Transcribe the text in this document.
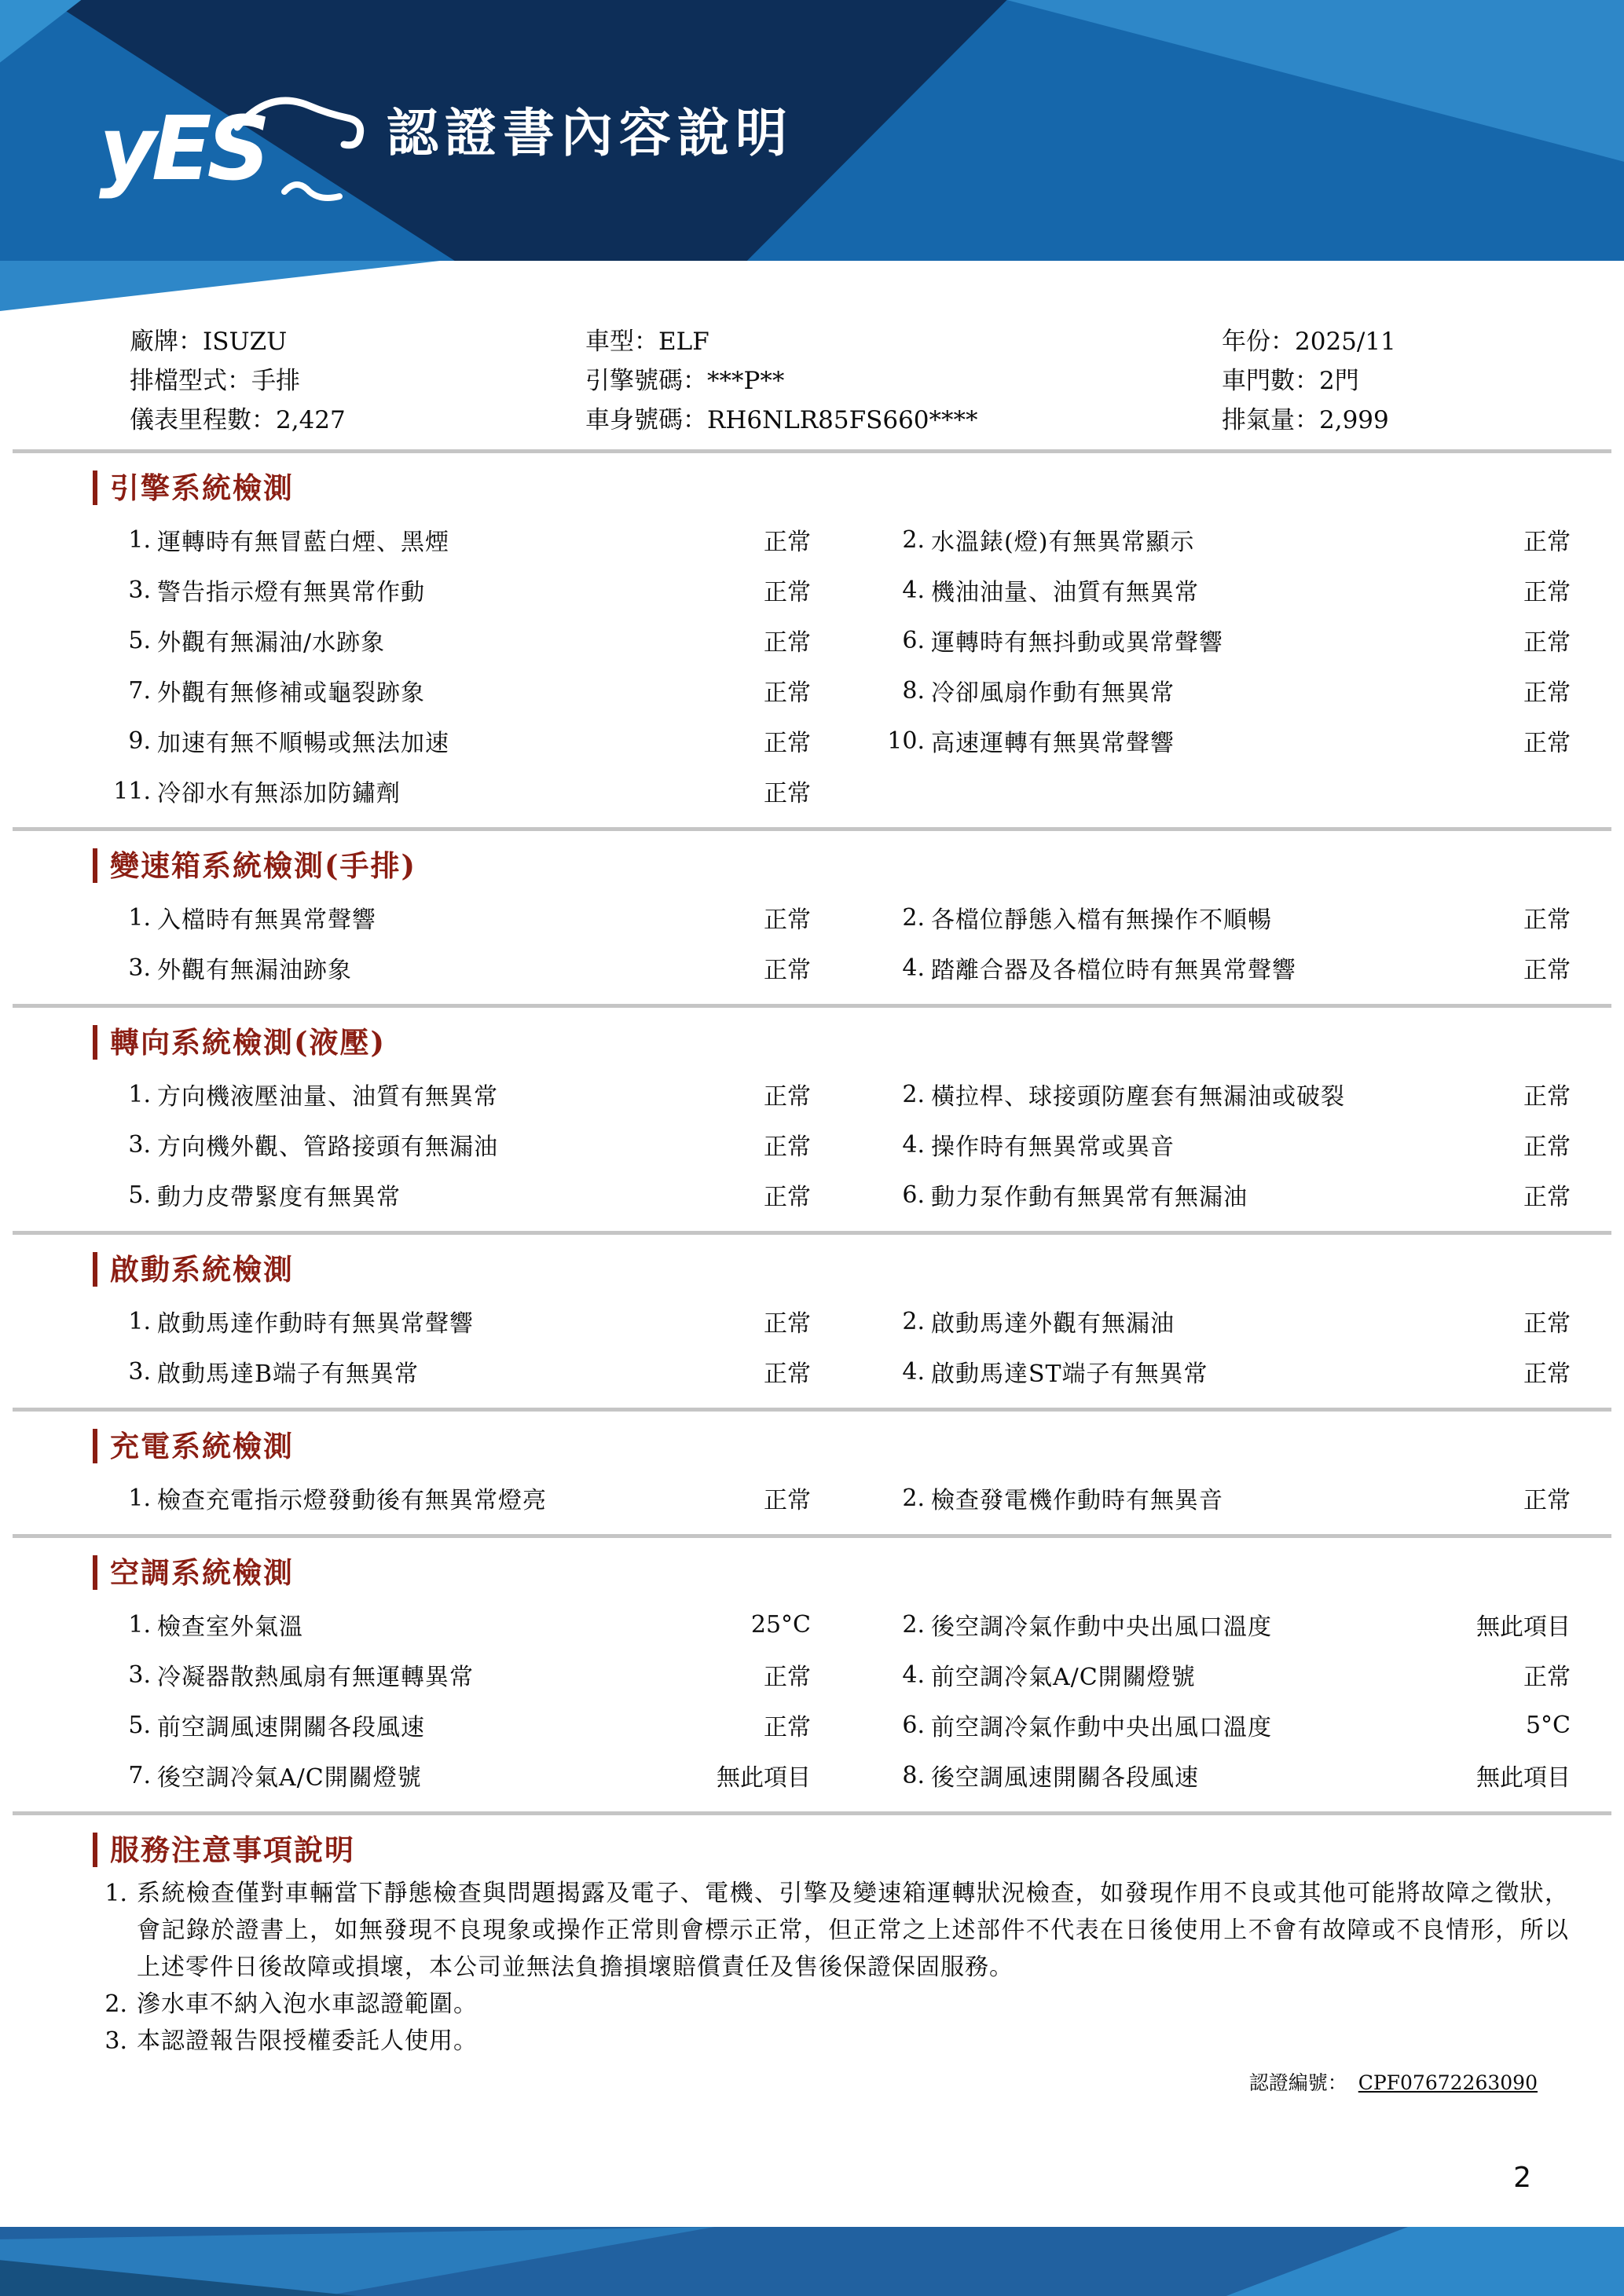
yES 認證書內容說明
廠牌：ISUZU	車型：ELF	年份：2025/11
排檔型式：手排	引擎號碼：***P**	車門數：2門
儀表里程數：2,427	車身號碼：RH6NLR85FS660****	排氣量：2,999
引擎系統檢測
1. 運轉時有無冒藍白煙、黑煙	正常	2. 水溫錶(燈)有無異常顯示	正常
3. 警告指示燈有無異常作動	正常	4. 機油油量、油質有無異常	正常
5. 外觀有無漏油/水跡象	正常	6. 運轉時有無抖動或異常聲響	正常
7. 外觀有無修補或龜裂跡象	正常	8. 冷卻風扇作動有無異常	正常
9. 加速有無不順暢或無法加速	正常	10. 高速運轉有無異常聲響	正常
11. 冷卻水有無添加防鏽劑	正常
變速箱系統檢測(手排)
1. 入檔時有無異常聲響	正常	2. 各檔位靜態入檔有無操作不順暢	正常
3. 外觀有無漏油跡象	正常	4. 踏離合器及各檔位時有無異常聲響	正常
轉向系統檢測(液壓)
1. 方向機液壓油量、油質有無異常	正常	2. 橫拉桿、球接頭防塵套有無漏油或破裂	正常
3. 方向機外觀、管路接頭有無漏油	正常	4. 操作時有無異常或異音	正常
5. 動力皮帶緊度有無異常	正常	6. 動力泵作動有無異常有無漏油	正常
啟動系統檢測
1. 啟動馬達作動時有無異常聲響	正常	2. 啟動馬達外觀有無漏油	正常
3. 啟動馬達B端子有無異常	正常	4. 啟動馬達ST端子有無異常	正常
充電系統檢測
1. 檢查充電指示燈發動後有無異常燈亮	正常	2. 檢查發電機作動時有無異音	正常
空調系統檢測
1. 檢查室外氣溫	25°C	2. 後空調冷氣作動中央出風口溫度	無此項目
3. 冷凝器散熱風扇有無運轉異常	正常	4. 前空調冷氣A/C開關燈號	正常
5. 前空調風速開關各段風速	正常	6. 前空調冷氣作動中央出風口溫度	5°C
7. 後空調冷氣A/C開關燈號	無此項目	8. 後空調風速開關各段風速	無此項目
服務注意事項說明
1. 系統檢查僅對車輛當下靜態檢查與問題揭露及電子、電機、引擎及變速箱運轉狀況檢查，如發現作用不良或其他可能將故障之徵狀，會記錄於證書上，如無發現不良現象或操作正常則會標示正常，但正常之上述部件不代表在日後使用上不會有故障或不良情形，所以上述零件日後故障或損壞，本公司並無法負擔損壞賠償責任及售後保證保固服務。
2. 滲水車不納入泡水車認證範圍。
3. 本認證報告限授權委託人使用。
認證編號： CPF07672263090
2
